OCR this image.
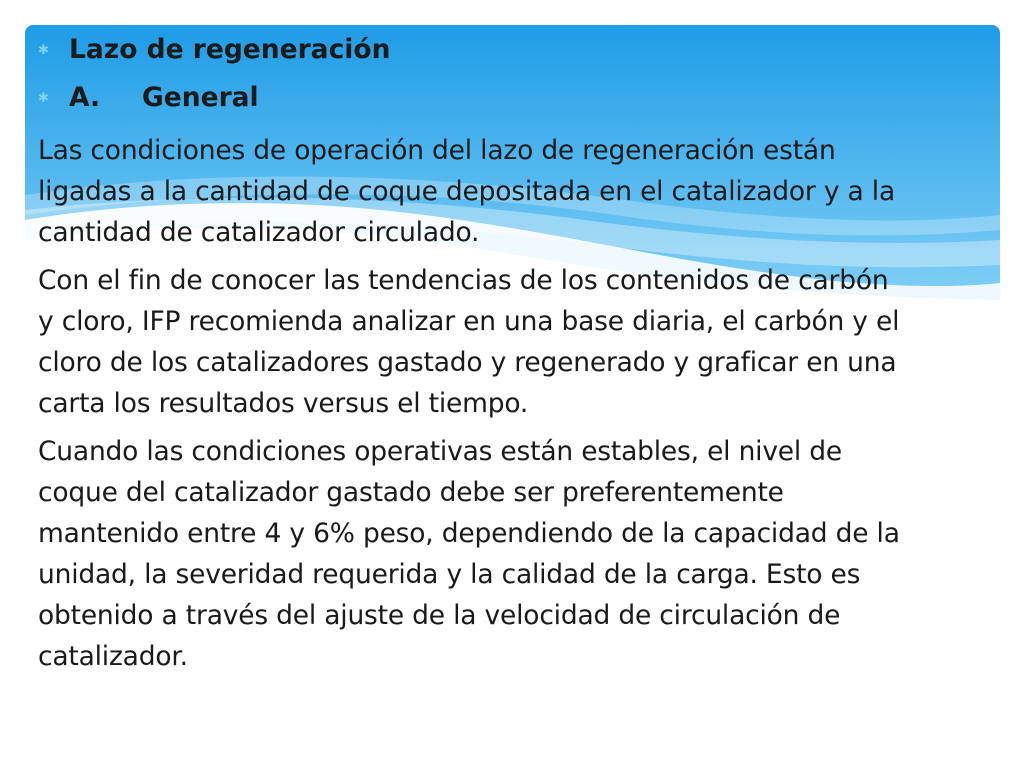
✱ Lazo de regeneración
✱ A.	General

Las condiciones de operación del lazo de regeneración están
ligadas a la cantidad de coque depositada en el catalizador y a la
cantidad de catalizador circulado.

Con el fin de conocer las tendencias de los contenidos de carbón
y cloro, IFP recomienda analizar en una base diaria, el carbón y el
cloro de los catalizadores gastado y regenerado y graficar en una
carta los resultados versus el tiempo.

Cuando las condiciones operativas están estables, el nivel de
coque del catalizador gastado debe ser preferentemente
mantenido entre 4 y 6% peso, dependiendo de la capacidad de la
unidad, la severidad requerida y la calidad de la carga. Esto es
obtenido a través del ajuste de la velocidad de circulación de
catalizador.
